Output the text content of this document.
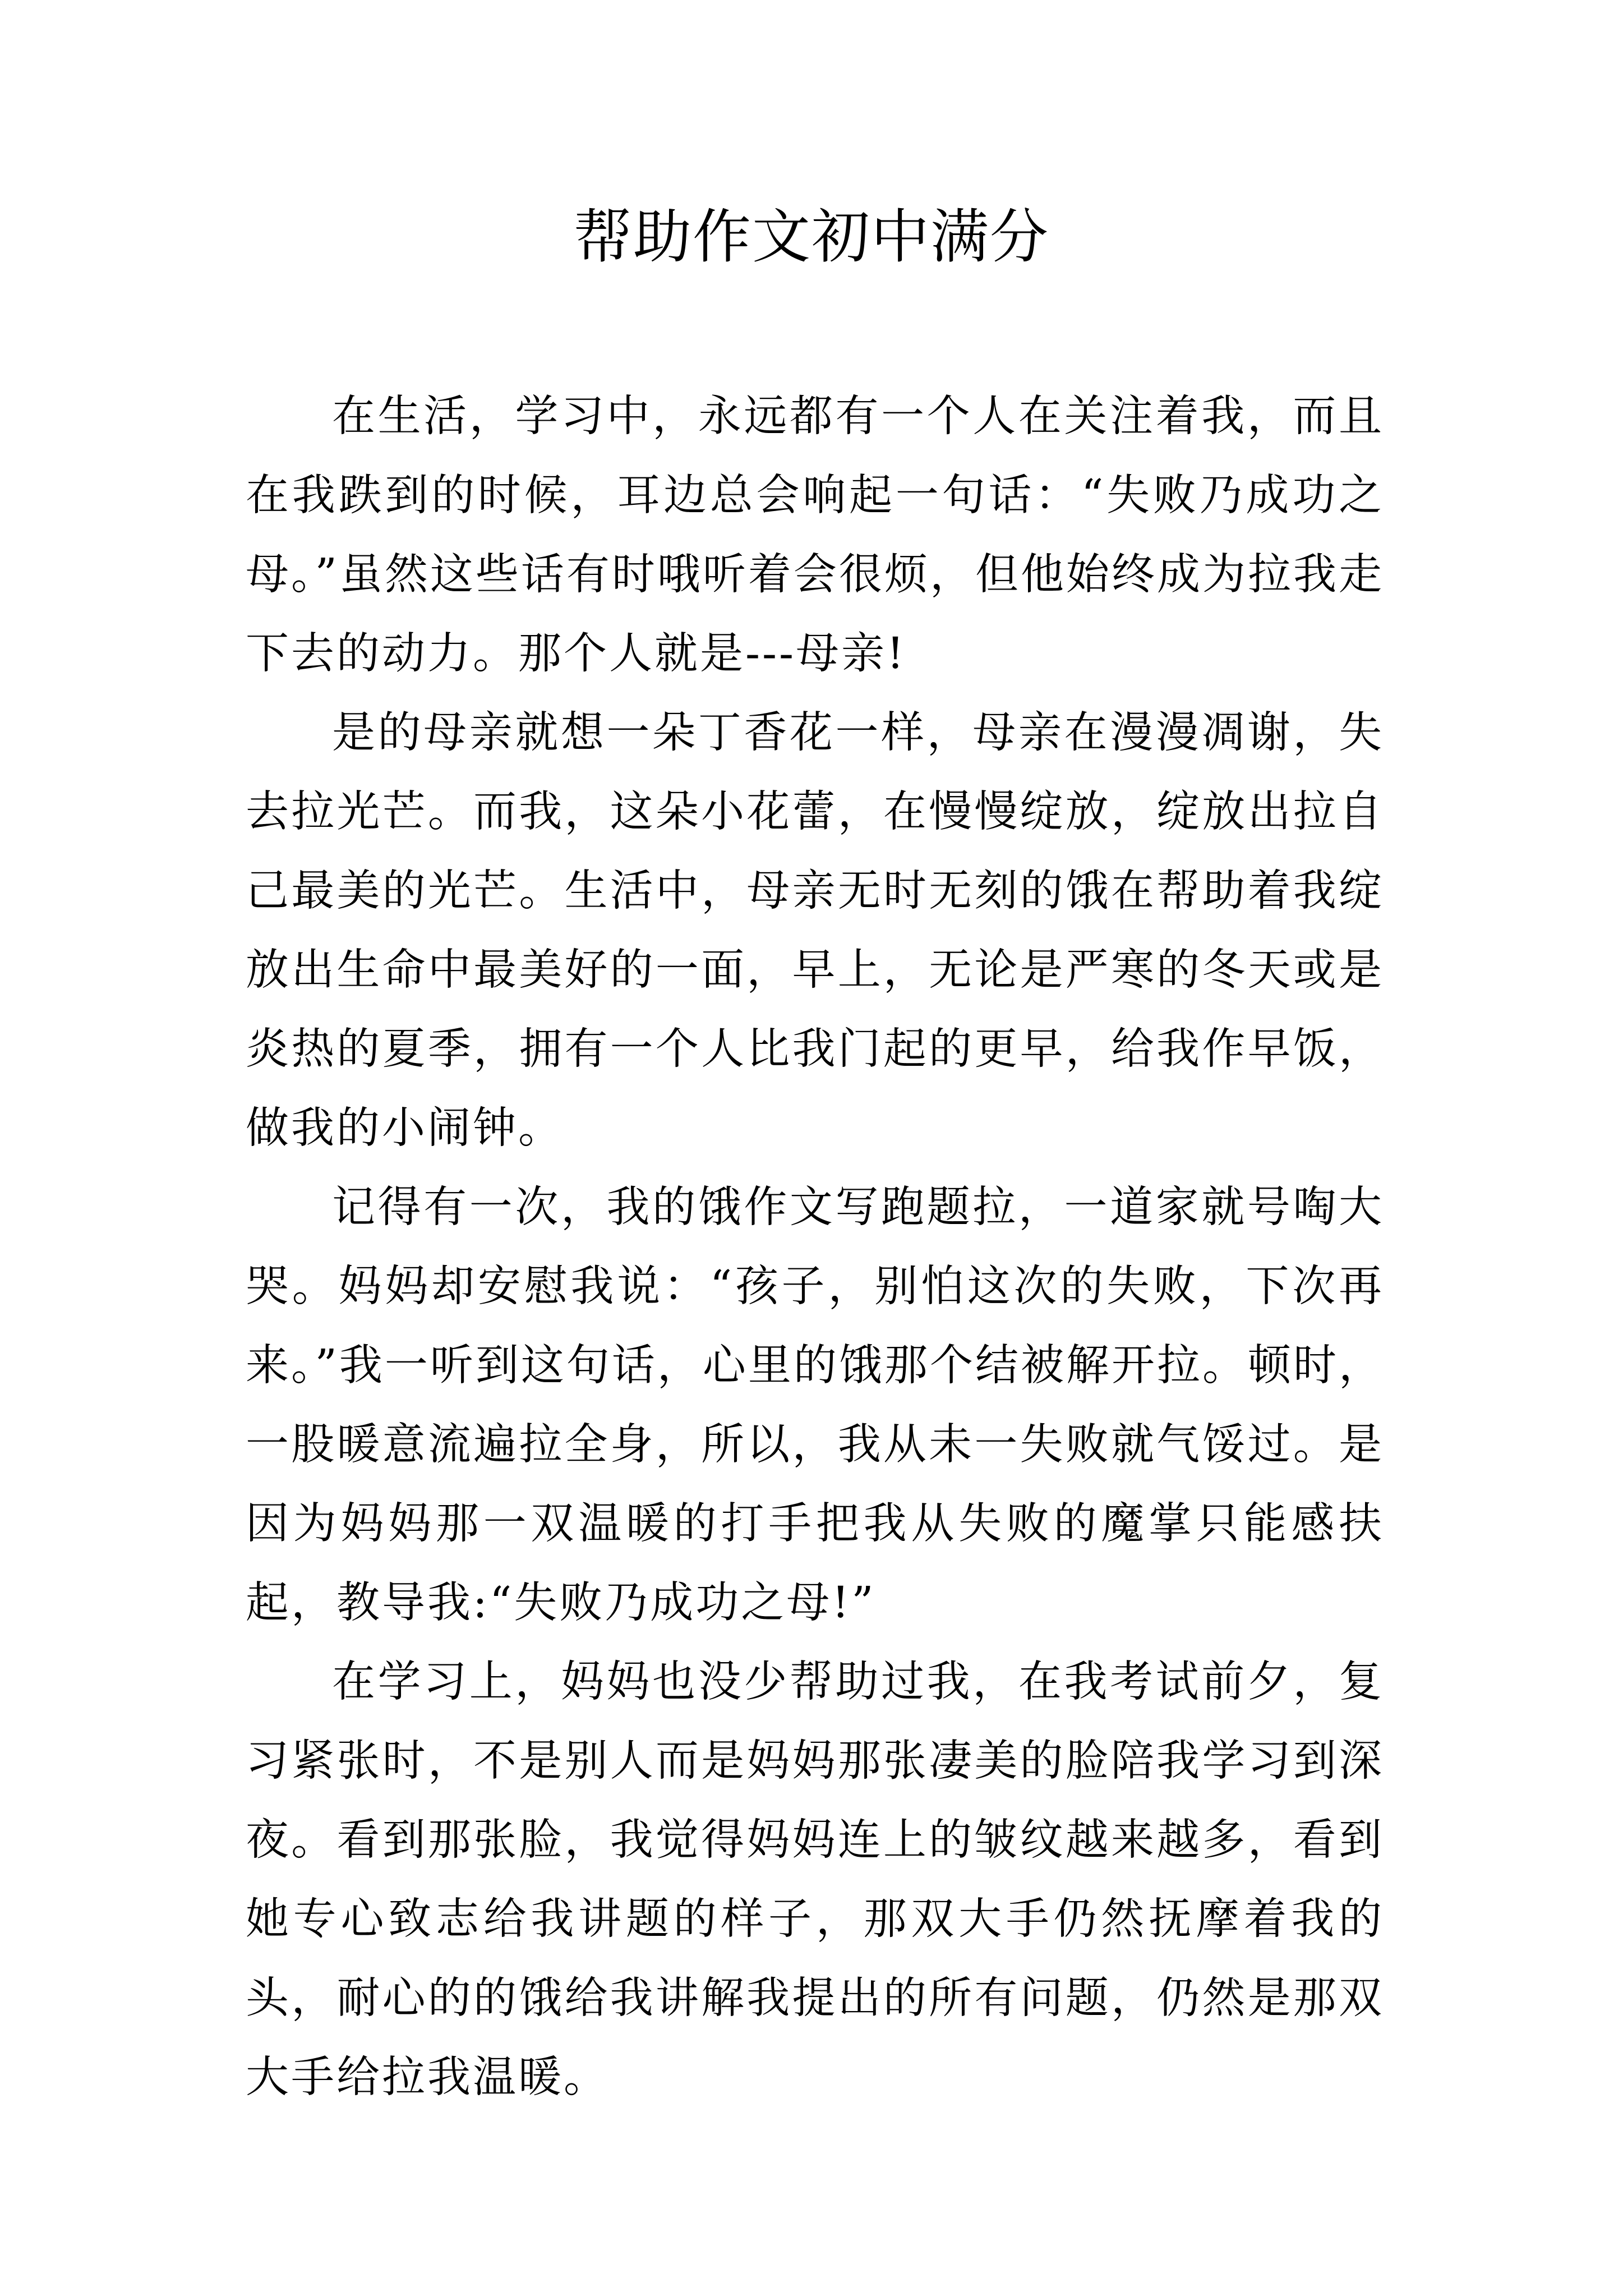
帮助作文初中满分

在生活，学习中，永远都有一个人在关注着我，而且在我跌到的时候，耳边总会响起一句话：“失败乃成功之母。”虽然这些话有时哦听着会很烦，但他始终成为拉我走下去的动力。那个人就是---母亲!

是的母亲就想一朵丁香花一样，母亲在漫漫凋谢，失去拉光芒。而我，这朵小花蕾，在慢慢绽放，绽放出拉自己最美的光芒。生活中，母亲无时无刻的饿在帮助着我绽放出生命中最美好的一面，早上，无论是严寒的冬天或是炎热的夏季，拥有一个人比我门起的更早，给我作早饭，做我的小闹钟。

记得有一次，我的饿作文写跑题拉，一道家就号啕大哭。妈妈却安慰我说：“孩子，别怕这次的失败，下次再来。”我一听到这句话，心里的饿那个结被解开拉。顿时，一股暖意流遍拉全身，所以，我从未一失败就气馁过。是因为妈妈那一双温暖的打手把我从失败的魔掌只能感扶起，教导我:“失败乃成功之母!”

在学习上，妈妈也没少帮助过我，在我考试前夕，复习紧张时，不是别人而是妈妈那张凄美的脸陪我学习到深夜。看到那张脸，我觉得妈妈连上的皱纹越来越多，看到她专心致志给我讲题的样子，那双大手仍然抚摩着我的头，耐心的的饿给我讲解我提出的所有问题，仍然是那双大手给拉我温暖。
